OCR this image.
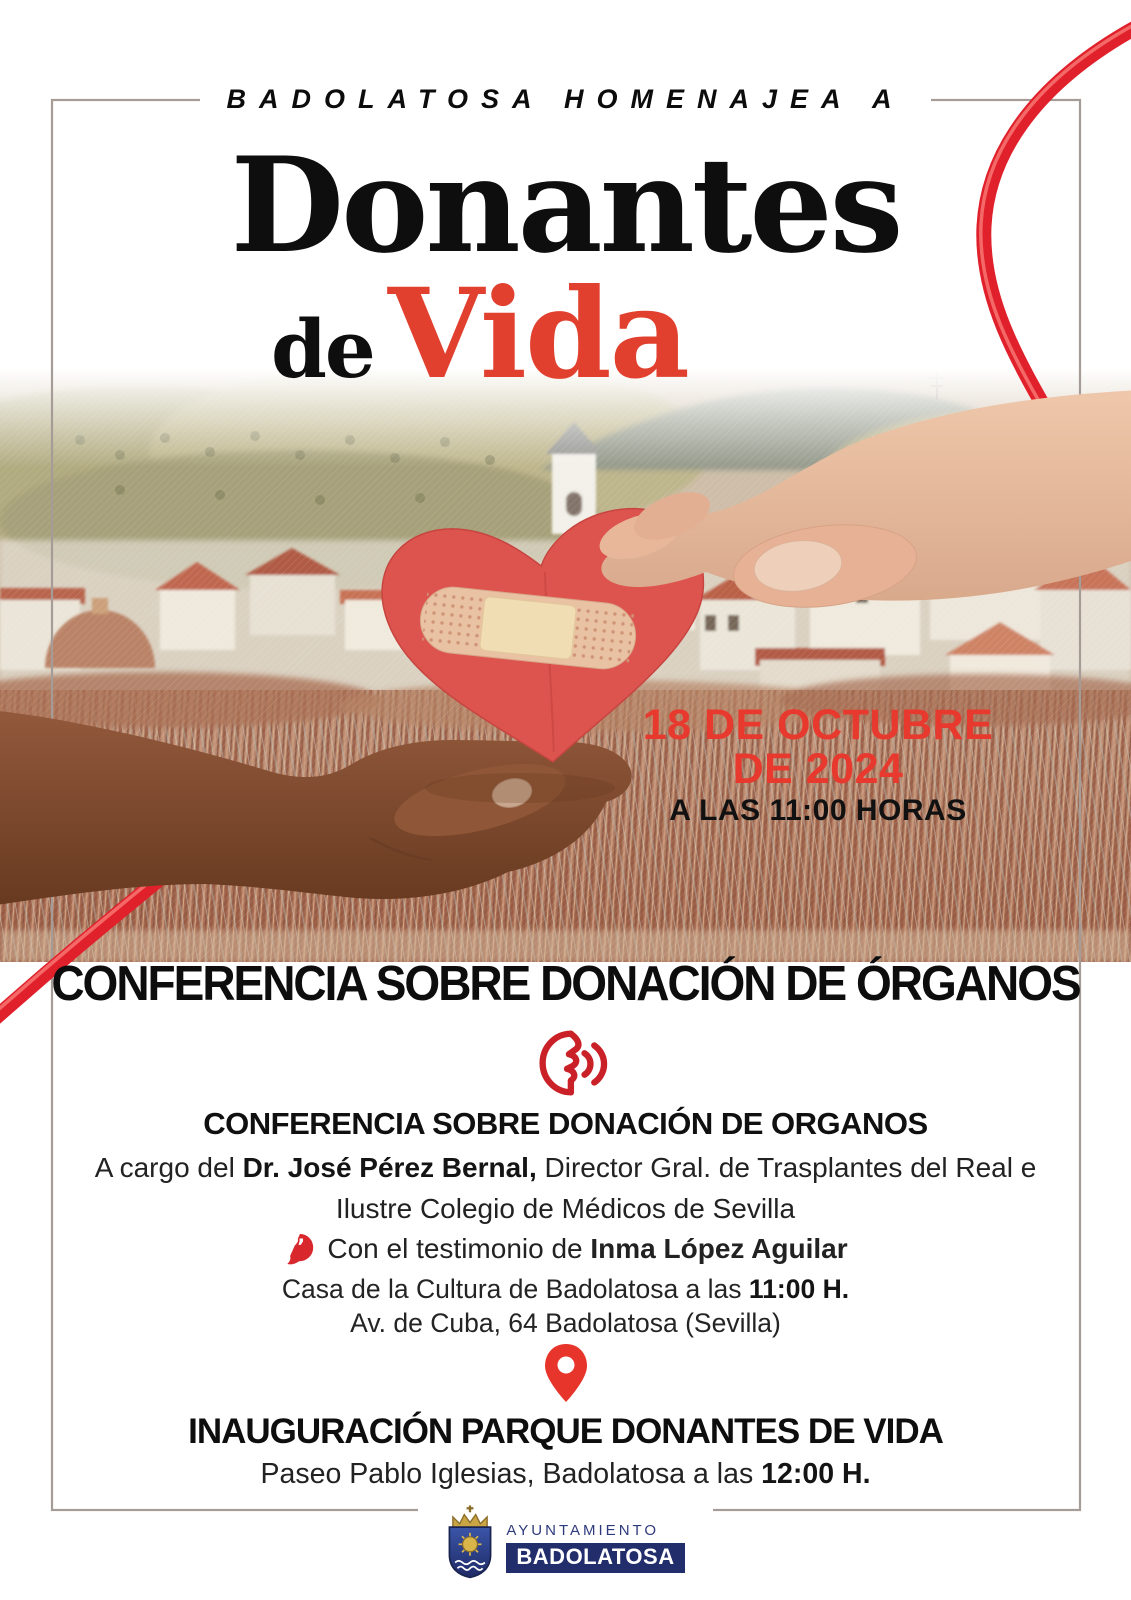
BADOLATOSA HOMENAJEA A
Donantes
de Vida
18 DE OCTUBRE
DE 2024
A LAS 11:00 HORAS
CONFERENCIA SOBRE DONACIÓN DE ÓRGANOS
CONFERENCIA SOBRE DONACIÓN DE ORGANOS
A cargo del Dr. José Pérez Bernal, Director Gral. de Trasplantes del Real e
Ilustre Colegio de Médicos de Sevilla
” Con el testimonio de Inma López Aguilar
Casa de la Cultura de Badolatosa a las 11:00 H.
Av. de Cuba, 64 Badolatosa (Sevilla)
INAUGURACIÓN PARQUE DONANTES DE VIDA
Paseo Pablo Iglesias, Badolatosa a las 12:00 H.
AYUNTAMIENTO
BADOLATOSA
